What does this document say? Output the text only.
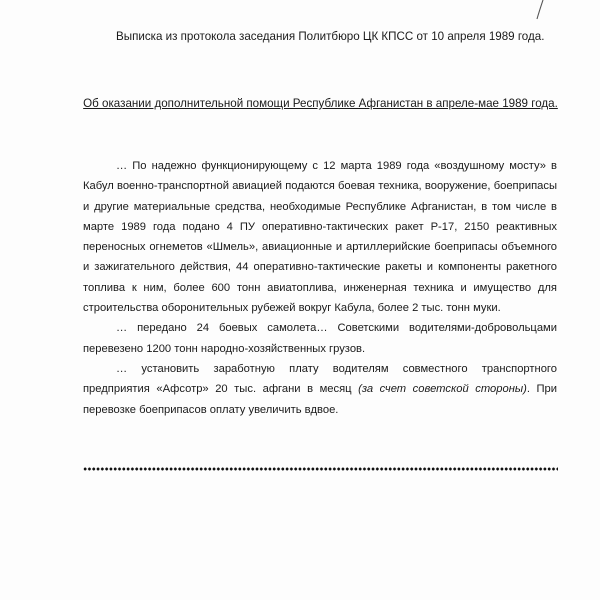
Выписка из протокола заседания Политбюро ЦК КПСС от 10 апреля 1989 года.
Об оказании дополнительной помощи Республике Афганистан в апреле-мае 1989 года.

… По надежно функционирующему с 12 марта 1989 года «воздушному мосту» в Кабул военно-транспортной авиацией подаются боевая техника, вооружение, боеприпасы и другие материальные средства, необходимые Республике Афганистан, в том числе в марте 1989 года подано 4 ПУ оперативно-тактических ракет Р-17, 2150 реактивных переносных огнеметов «Шмель», авиационные и артиллерийские боеприпасы объемного и зажигательного действия, 44 оперативно-тактические ракеты и компоненты ракетного топлива к ним, более 600 тонн авиатоплива, инженерная техника и имущество для строительства оборонительных рубежей вокруг Кабула, более 2 тыс. тонн муки.

… передано 24 боевых самолета… Советскими водителями-добровольцами перевезено 1200 тонн народно-хозяйственных грузов.

… установить заработную плату водителям совместного транспортного предприятия «Афсотр» 20 тыс. афгани в месяц (за счет советской стороны). При перевозке боеприпасов оплату увеличить вдвое.
